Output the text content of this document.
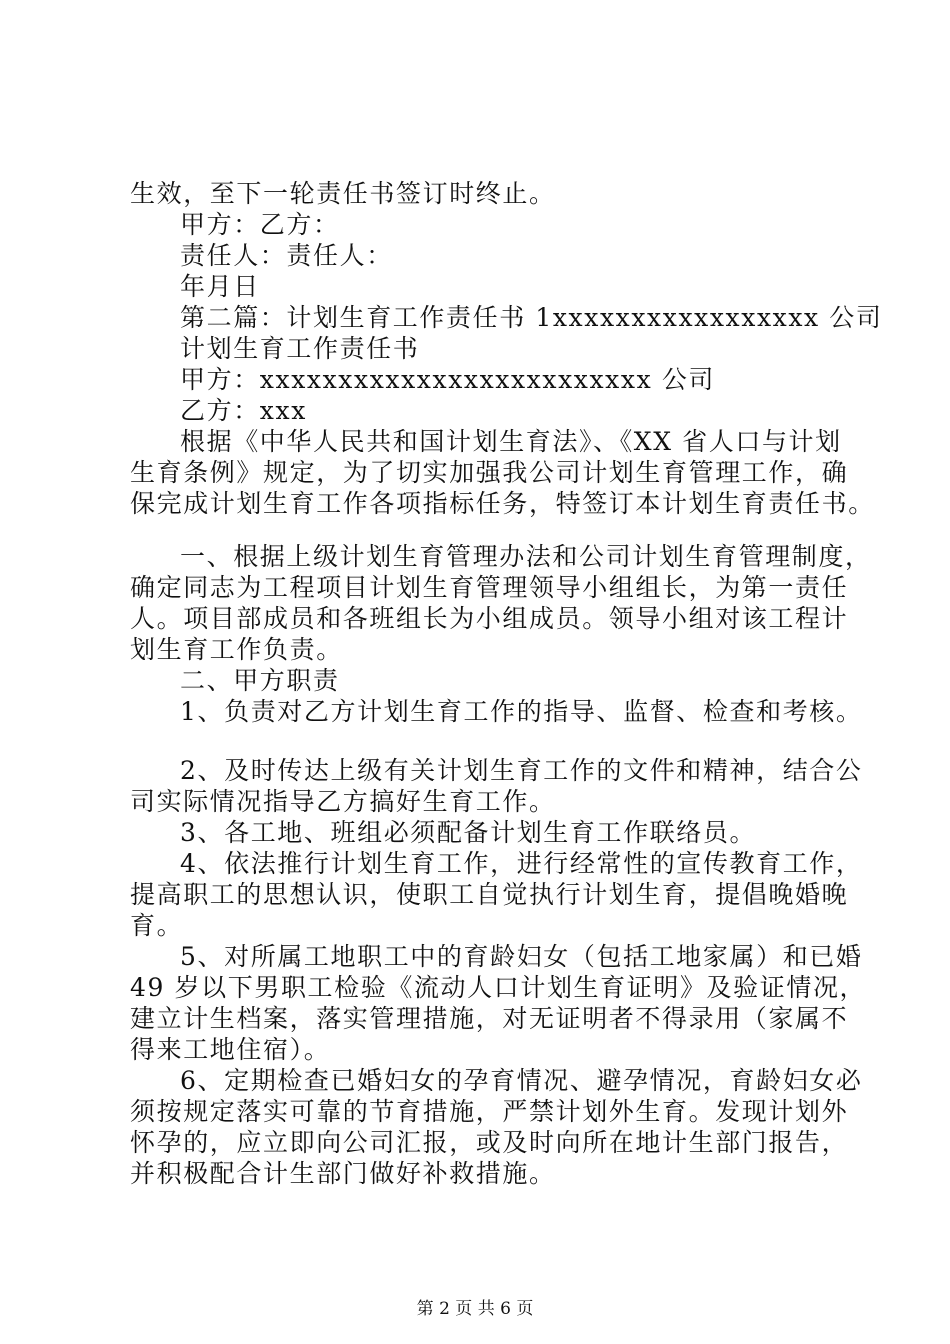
生效，至下一轮责任书签订时终止。
甲方：乙方：
责任人：责任人：
年月日
第二篇：计划生育工作责任书 1xxxxxxxxxxxxxxxxx 公司
计划生育工作责任书
甲方：xxxxxxxxxxxxxxxxxxxxxxxxx 公司
乙方：xxx
根据《中华人民共和国计划生育法》、《XX 省人口与计划
生育条例》规定，为了切实加强我公司计划生育管理工作，确
保完成计划生育工作各项指标任务，特签订本计划生育责任书。
一、根据上级计划生育管理办法和公司计划生育管理制度，
确定同志为工程项目计划生育管理领导小组组长，为第一责任
人。项目部成员和各班组长为小组成员。领导小组对该工程计
划生育工作负责。
二、甲方职责
1、负责对乙方计划生育工作的指导、监督、检查和考核。
2、及时传达上级有关计划生育工作的文件和精神，结合公
司实际情况指导乙方搞好生育工作。
3、各工地、班组必须配备计划生育工作联络员。
4、依法推行计划生育工作，进行经常性的宣传教育工作，
提高职工的思想认识，使职工自觉执行计划生育，提倡晚婚晚
育。
5、对所属工地职工中的育龄妇女（包括工地家属）和已婚
49 岁以下男职工检验《流动人口计划生育证明》及验证情况，
建立计生档案，落实管理措施，对无证明者不得录用（家属不
得来工地住宿）。
6、定期检查已婚妇女的孕育情况、避孕情况，育龄妇女必
须按规定落实可靠的节育措施，严禁计划外生育。发现计划外
怀孕的，应立即向公司汇报，或及时向所在地计生部门报告，
并积极配合计生部门做好补救措施。
第 2 页 共 6 页
